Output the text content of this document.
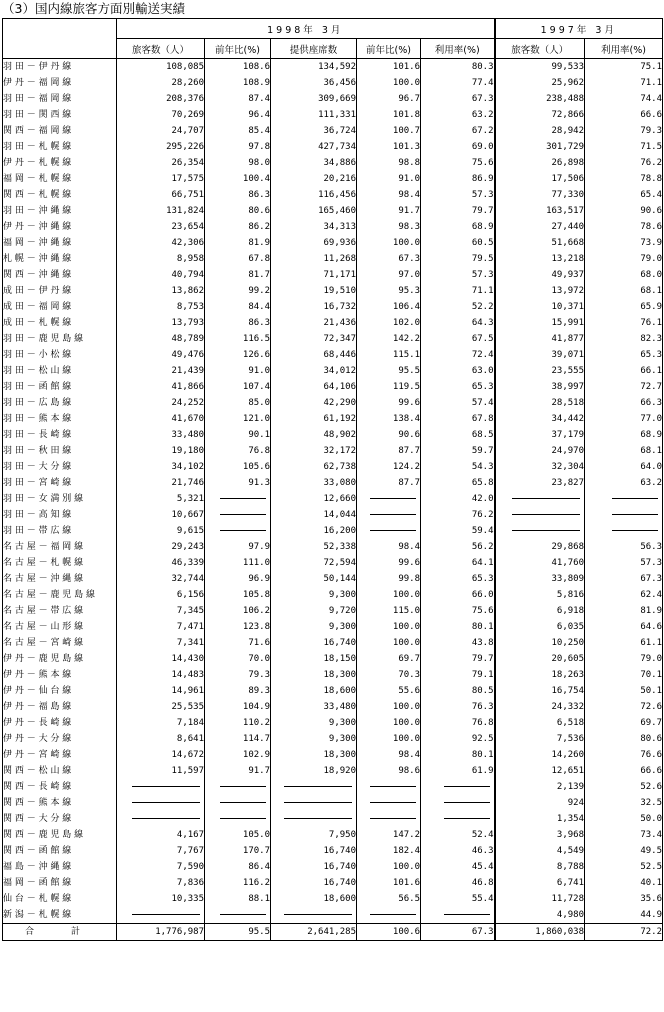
（3）国内線旅客方面別輸送実績
	1998年 3月					1997年 3月	
	旅客数（人）	前年比(%)	提供座席数	前年比(%)	利用率(%)	旅客数（人）	利用率(%)
羽 田 － 伊 丹 線	108,085	108.6	134,592	101.6	80.3	99,533	75.1
伊 丹 － 福 岡 線	28,260	108.9	36,456	100.0	77.4	25,962	71.1
羽 田 － 福 岡 線	208,376	87.4	309,669	96.7	67.3	238,488	74.4
羽 田 － 関 西 線	70,269	96.4	111,331	101.8	63.2	72,866	66.6
関 西 － 福 岡 線	24,707	85.4	36,724	100.7	67.2	28,942	79.3
羽 田 － 札 幌 線	295,226	97.8	427,734	101.3	69.0	301,729	71.5
伊 丹 － 札 幌 線	26,354	98.0	34,886	98.8	75.6	26,898	76.2
福 岡 － 札 幌 線	17,575	100.4	20,216	91.0	86.9	17,506	78.8
関 西 － 札 幌 線	66,751	86.3	116,456	98.4	57.3	77,330	65.4
羽 田 － 沖 縄 線	131,824	80.6	165,460	91.7	79.7	163,517	90.6
伊 丹 － 沖 縄 線	23,654	86.2	34,313	98.3	68.9	27,440	78.6
福 岡 － 沖 縄 線	42,306	81.9	69,936	100.0	60.5	51,668	73.9
札 幌 － 沖 縄 線	8,958	67.8	11,268	67.3	79.5	13,218	79.0
関 西 － 沖 縄 線	40,794	81.7	71,171	97.0	57.3	49,937	68.0
成 田 － 伊 丹 線	13,862	99.2	19,510	95.3	71.1	13,972	68.1
成 田 － 福 岡 線	8,753	84.4	16,732	106.4	52.2	10,371	65.9
成 田 － 札 幌 線	13,793	86.3	21,436	102.0	64.3	15,991	76.1
羽 田 － 鹿 児 島 線	48,789	116.5	72,347	142.2	67.5	41,877	82.3
羽 田 － 小 松 線	49,476	126.6	68,446	115.1	72.4	39,071	65.3
羽 田 － 松 山 線	21,439	91.0	34,012	95.5	63.0	23,555	66.1
羽 田 － 函 館 線	41,866	107.4	64,106	119.5	65.3	38,997	72.7
羽 田 － 広 島 線	24,252	85.0	42,290	99.6	57.4	28,518	66.3
羽 田 － 熊 本 線	41,670	121.0	61,192	138.4	67.8	34,442	77.0
羽 田 － 長 崎 線	33,480	90.1	48,902	90.6	68.5	37,179	68.9
羽 田 － 秋 田 線	19,180	76.8	32,172	87.7	59.7	24,970	68.1
羽 田 － 大 分 線	34,102	105.6	62,738	124.2	54.3	32,304	64.0
羽 田 － 宮 崎 線	21,746	91.3	33,080	87.7	65.8	23,827	63.2
羽 田 － 女 満 別 線	5,321		12,660		42.0		
羽 田 － 高 知 線	10,667		14,044		76.2		
羽 田 － 帯 広 線	9,615		16,200		59.4		
名 古 屋 － 福 岡 線	29,243	97.9	52,338	98.4	56.2	29,868	56.3
名 古 屋 － 札 幌 線	46,339	111.0	72,594	99.6	64.1	41,760	57.3
名 古 屋 － 沖 縄 線	32,744	96.9	50,144	99.8	65.3	33,809	67.3
名 古 屋 － 鹿 児 島 線	6,156	105.8	9,300	100.0	66.0	5,816	62.4
名 古 屋 － 帯 広 線	7,345	106.2	9,720	115.0	75.6	6,918	81.9
名 古 屋 － 山 形 線	7,471	123.8	9,300	100.0	80.1	6,035	64.6
名 古 屋 － 宮 崎 線	7,341	71.6	16,740	100.0	43.8	10,250	61.1
伊 丹 － 鹿 児 島 線	14,430	70.0	18,150	69.7	79.7	20,605	79.0
伊 丹 － 熊 本 線	14,483	79.3	18,300	70.3	79.1	18,263	70.1
伊 丹 － 仙 台 線	14,961	89.3	18,600	55.6	80.5	16,754	50.1
伊 丹 － 福 島 線	25,535	104.9	33,480	100.0	76.3	24,332	72.6
伊 丹 － 長 崎 線	7,184	110.2	9,300	100.0	76.8	6,518	69.7
伊 丹 － 大 分 線	8,641	114.7	9,300	100.0	92.5	7,536	80.6
伊 丹 － 宮 崎 線	14,672	102.9	18,300	98.4	80.1	14,260	76.6
関 西 － 松 山 線	11,597	91.7	18,920	98.6	61.9	12,651	66.6
関 西 － 長 崎 線						2,139	52.6
関 西 － 熊 本 線						924	32.5
関 西 － 大 分 線						1,354	50.0
関 西 － 鹿 児 島 線	4,167	105.0	7,950	147.2	52.4	3,968	73.4
関 西 － 函 館 線	7,767	170.7	16,740	182.4	46.3	4,549	49.5
福 島 － 沖 縄 線	7,590	86.4	16,740	100.0	45.4	8,788	52.5
福 岡 － 函 館 線	7,836	116.2	16,740	101.6	46.8	6,741	40.1
仙 台 － 札 幌 線	10,335	88.1	18,600	56.5	55.4	11,728	35.6
新 潟 － 札 幌 線						4,980	44.9
合　計	1,776,987	95.5	2,641,285	100.6	67.3	1,860,038	72.2
